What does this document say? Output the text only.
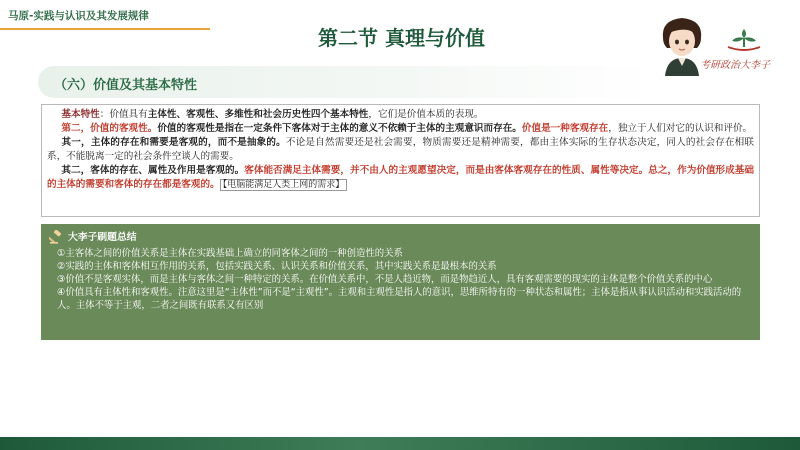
马原-实践与认识及其发展规律
第二节 真理与价值
考研政治大李子
（六）价值及其基本特性

  基本特性：价值具有主体性、客观性、多维性和社会历史性四个基本特性，它们是价值本质的表现。

  第二，价值的客观性。价值的客观性是指在一定条件下客体对于主体的意义不依赖于主体的主观意识而存在。价值是一种客观存在，独立于人们对它的认识和评价。

  其一，主体的存在和需要是客观的，而不是抽象的。不论是自然需要还是社会需要，物质需要还是精神需要，都由主体实际的生存状态决定，同人的社会存在相联系，不能脱离一定的社会条件空谈人的需要。

  其二，客体的存在、属性及作用是客观的。客体能否满足主体需要，并不由人的主观愿望决定，而是由客体客观存在的性质、属性等决定。总之，作为价值形成基础的主体的需要和客体的存在都是客观的。 【电脑能满足人类上网的需求】

大李子刷题总结

①主客体之间的价值关系是主体在实践基础上确立的同客体之间的一种创造性的关系

②实践的主体和客体相互作用的关系，包括实践关系、认识关系和价值关系，其中实践关系是最根本的关系

③价值不是客观实体，而是主体与客体之间一种特定的关系。在价值关系中，不是人趋近物，而是物趋近人，具有客观需要的现实的主体是整个价值关系的中心

④价值具有主体性和客观性。注意这里是“主体性”而不是“主观性”。主观和主观性是指人的意识，思维所特有的一种状态和属性；主体是指从事认识活动和实践活动的人。主体不等于主观，二者之间既有联系又有区别
